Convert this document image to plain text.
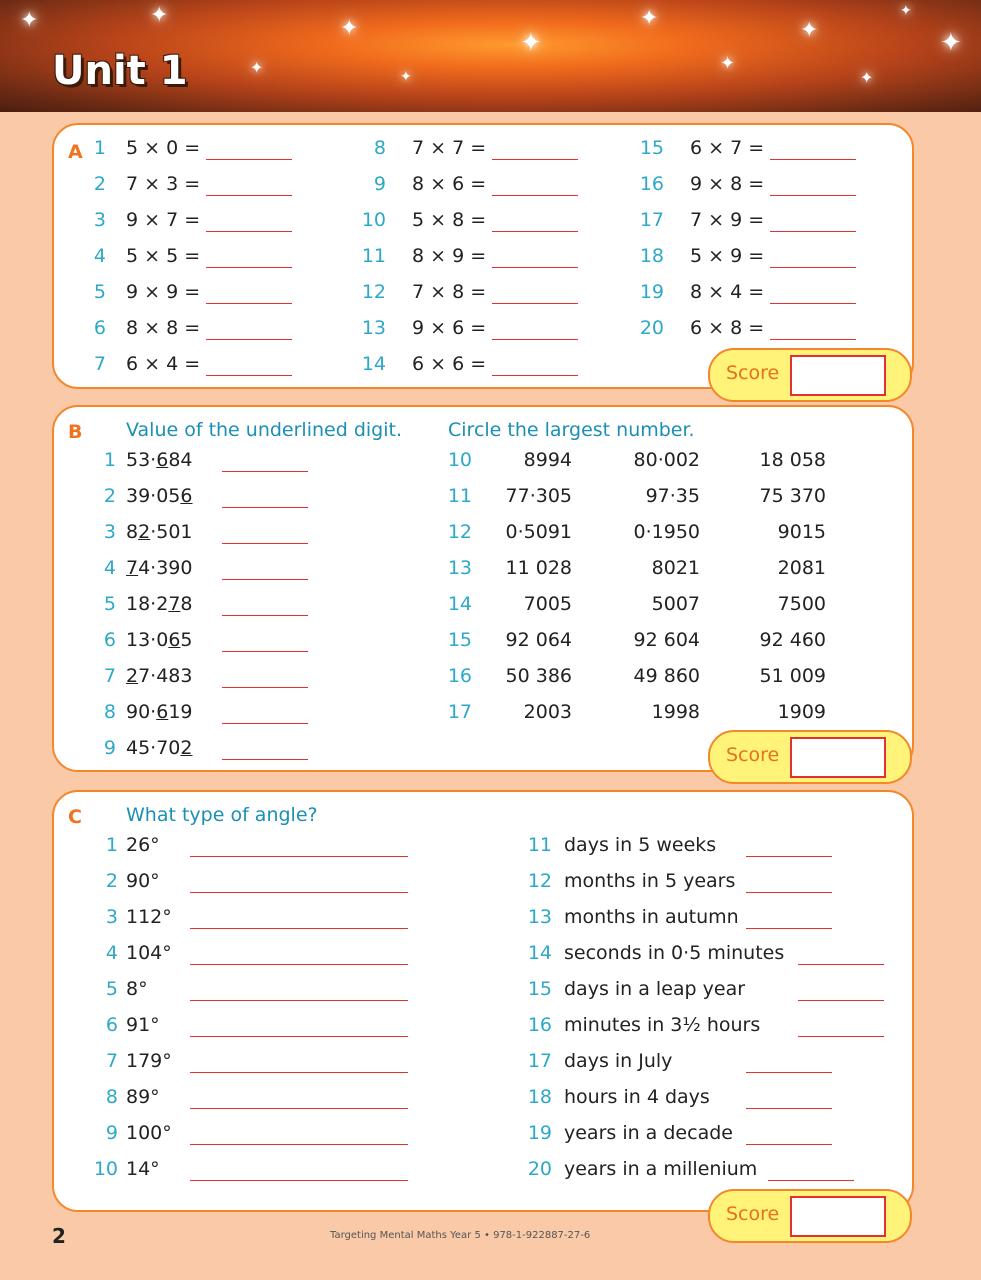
✦	✦
✦
✦
✦
✦
✦
✦
✦
✦
✦
✦
Unit 1
A 1 5 × 0 =
2 7 × 3 =
3 9 × 7 =
4 5 × 5 =
5 9 × 9 =
6 8 × 8 =
7 6 × 4 =
8 7 × 7 =
9 8 × 6 =
10 5 × 8 =
11 8 × 9 =
12 7 × 8 =
13 9 × 6 =
14 6 × 6 =
15 6 × 7 =
16 9 × 8 =
17 7 × 9 =
18 5 × 9 =
19 8 × 4 =
20 6 × 8 =
Score
B Value of the underlined digit. Circle the largest number.
1 53·684
2 39·056
3 82·501
4 74·390
5 18·278
6 13·065
7 27·483
8 90·619
9 45·702
10	8994	80·002	18 058
11	77·305	97·35	75 370
12	0·5091	0·1950	9015
13	11 028	8021	2081
14	7005	5007	7500
15	92 064	92 604	92 460
16	50 386	49 860	51 009
17	2003	1998	1909
Score
C What type of angle?
1 26°
2 90°
3 112°
4 104°
5 8°
6 91°
7 179°
8 89°
9 100°
10 14°
11 days in 5 weeks
12 months in 5 years
13 months in autumn
14 seconds in 0·5 minutes
15 days in a leap year
16 minutes in 3½ hours
17 days in July
18 hours in 4 days
19 years in a decade
20 years in a millenium
Score
2	Targeting Mental Maths Year 5 • 978-1-922887-27-6
